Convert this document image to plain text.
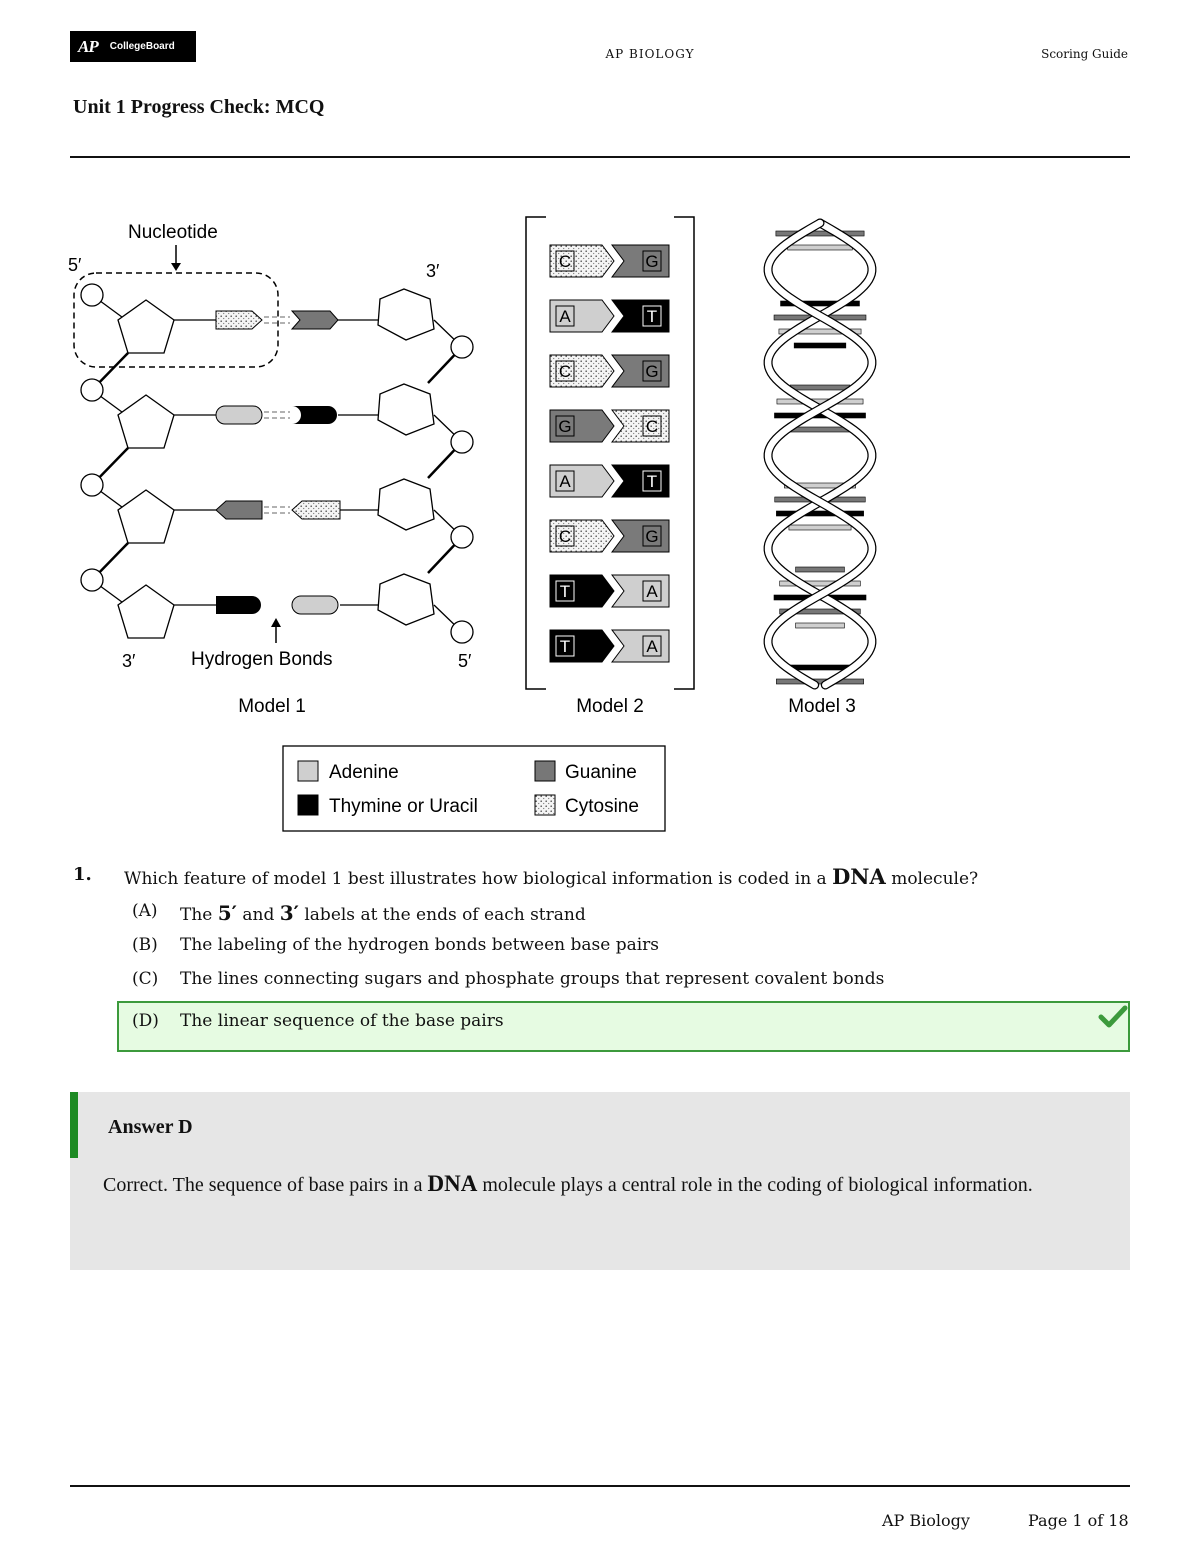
AP CollegeBoard
AP BIOLOGY	Scoring Guide
Unit 1 Progress Check: MCQ
Nucleotide
5′	3′
3′	Hydrogen Bonds	5′
Model 1
C	G
A	T
C	G
G	C
A	T
C	G
T	A
T	A
Model 2	Model 3
Adenine	Guanine
Thymine or Uracil	Cytosine
1. Which feature of model 1 best illustrates how biological information is coded in a DNA molecule?
(A)	The 5′ and 3′ labels at the ends of each strand
(B)	The labeling of the hydrogen bonds between base pairs
(C)	The lines connecting sugars and phosphate groups that represent covalent bonds
(D)	The linear sequence of the base pairs
Answer D
Correct. The sequence of base pairs in a DNA molecule plays a central role in the coding of biological information.
AP Biology	Page 1 of 18
